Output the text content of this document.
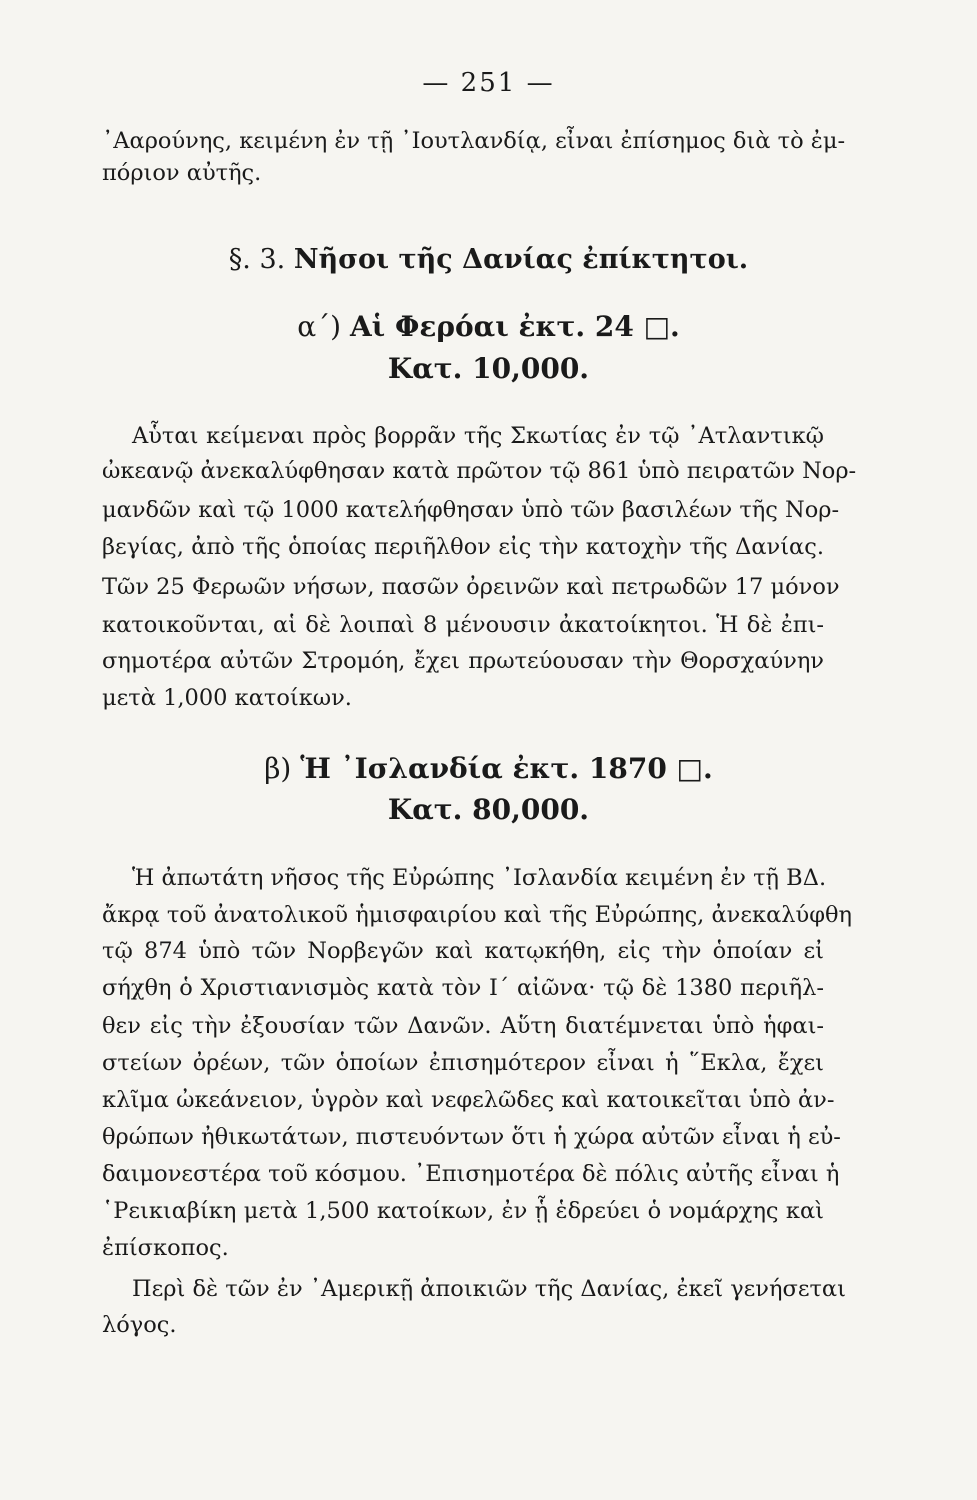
— 251 —
᾿Ααρούνης, κειμένη ἐν τῇ ᾿Ιουτλανδίᾳ, εἶναι ἐπίσημος διὰ τὸ ἐμ-
πόριον αὐτῆς.
§. 3. Νῆσοι τῆς Δανίας ἐπίκτητοι.
α΄) Αἱ Φερόαι ἐκτ. 24 □.
Κατ. 10,000.
Αὗται κείμεναι πρὸς βορρᾶν τῆς Σκωτίας ἐν τῷ ᾿Ατλαντικῷ
ὠκεανῷ ἀνεκαλύφθησαν κατὰ πρῶτον τῷ 861 ὑπὸ πειρατῶν Νορ-
μανδῶν καὶ τῷ 1000 κατελήφθησαν ὑπὸ τῶν βασιλέων τῆς Νορ-
βεγίας, ἀπὸ τῆς ὁποίας περιῆλθον εἰς τὴν κατοχὴν τῆς Δανίας.
Τῶν 25 Φερωῶν νήσων, πασῶν ὀρεινῶν καὶ πετρωδῶν 17 μόνον
κατοικοῦνται, αἱ δὲ λοιπαὶ 8 μένουσιν ἀκατοίκητοι. Ἡ δὲ ἐπι-
σημοτέρα αὐτῶν Στρομόη, ἔχει πρωτεύουσαν τὴν Θορσχαύνην
μετὰ 1,000 κατοίκων.
β) Ἡ ᾿Ισλανδία ἐκτ. 1870 □.
Κατ. 80,000.
Ἡ ἀπωτάτη νῆσος τῆς Εὐρώπης ᾿Ισλανδία κειμένη ἐν τῇ ΒΔ.
ἄκρᾳ τοῦ ἀνατολικοῦ ἡμισφαιρίου καὶ τῆς Εὐρώπης, ἀνεκαλύφθη
τῷ 874 ὑπὸ τῶν Νορβεγῶν καὶ κατῳκήθη, εἰς τὴν ὁποίαν εἰ
σήχθη ὁ Χριστιανισμὸς κατὰ τὸν Ι΄ αἰῶνα· τῷ δὲ 1380 περιῆλ-
θεν εἰς τὴν ἐξουσίαν τῶν Δανῶν. Αὕτη διατέμνεται ὑπὸ ἡφαι-
στείων ὀρέων, τῶν ὁποίων ἐπισημότερον εἶναι ἡ ῞Εκλα, ἔχει
κλῖμα ὠκεάνειον, ὑγρὸν καὶ νεφελῶδες καὶ κατοικεῖται ὑπὸ ἀν-
θρώπων ἠθικωτάτων, πιστευόντων ὅτι ἡ χώρα αὐτῶν εἶναι ἡ εὐ-
δαιμονεστέρα τοῦ κόσμου. ᾿Επισημοτέρα δὲ πόλις αὐτῆς εἶναι ἡ
῾Ρεικιαβίκη μετὰ 1,500 κατοίκων, ἐν ᾗ ἑδρεύει ὁ νομάρχης καὶ
ἐπίσκοπος.
Περὶ δὲ τῶν ἐν ᾿Αμερικῇ ἀποικιῶν τῆς Δανίας, ἐκεῖ γενήσεται
λόγος.
